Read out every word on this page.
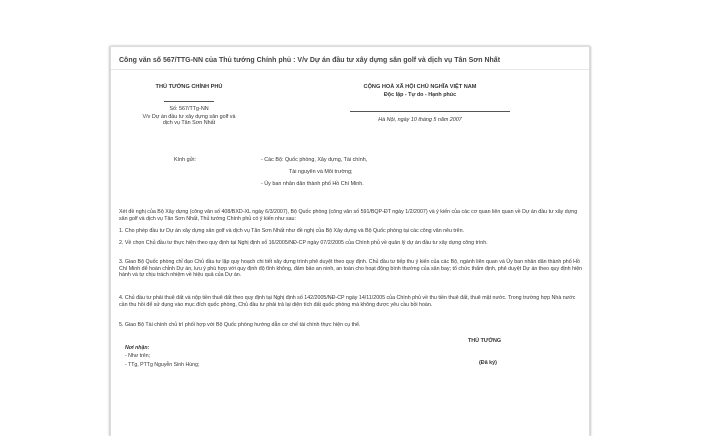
Công văn số 567/TTG-NN của Thủ tướng Chính phủ : V/v Dự án đầu tư xây dựng sân golf và dịch vụ Tân Sơn Nhất
THỦ TƯỚNG CHÍNH PHỦ
Số: 567/TTg-NN
V/v Dự án đầu tư xây dựng sân golf và
dịch vụ Tân Sơn Nhất
CỘNG HOÀ XÃ HỘI CHỦ NGHĨA VIỆT NAM
Độc lập - Tự do - Hạnh phúc
Hà Nội, ngày 10 tháng 5 năm 2007
Kính gửi:	- Các Bộ: Quốc phòng, Xây dựng, Tài chính,
Tài nguyên và Môi trường;
- Ủy ban nhân dân thành phố Hồ Chí Minh.
Xét đề nghị của Bộ Xây dựng (công văn số 408/BXD-XL ngày 6/3/2007), Bộ Quốc phòng (công văn số 591/BQP-ĐT ngày 1/2/2007) và ý kiến của các cơ quan liên quan về Dự án đầu tư xây dựng sân golf và dịch vụ Tân Sơn Nhất, Thủ tướng Chính phủ có ý kiến như sau:
1. Cho phép đầu tư Dự án xây dựng sân golf và dịch vụ Tân Sơn Nhất như đề nghị của Bộ Xây dựng và Bộ Quốc phòng tại các công văn nêu trên.
2. Về chọn Chủ đầu tư thực hiện theo quy định tại Nghị định số 16/2005/NĐ-CP ngày 07/2/2005 của Chính phủ về quản lý dự án đầu tư xây dựng công trình.
3. Giao Bộ Quốc phòng chỉ đạo Chủ đầu tư lập quy hoạch chi tiết xây dựng trình phê duyệt theo quy định. Chủ đầu tư tiếp thu ý kiến của các Bộ, ngành liên quan và Ủy ban nhân dân thành phố Hồ Chí Minh để hoàn chỉnh Dự án, lưu ý phù hợp với quy định độ tĩnh không, đảm bảo an ninh, an toàn cho hoạt động bình thường của sân bay; tổ chức thẩm định, phê duyệt Dự án theo quy định hiện hành và tự chịu trách nhiệm về hiệu quả của Dự án.
4. Chủ đầu tư phải thuê đất và nộp tiền thuê đất theo quy định tại Nghị định số 142/2005/NĐ-CP ngày 14/11/2005 của Chính phủ về thu tiền thuê đất, thuê mặt nước. Trong trường hợp Nhà nước cần thu hồi để sử dụng vào mục đích quốc phòng, Chủ đầu tư phải trả lại diện tích đất quốc phòng mà không được yêu cầu bồi hoàn.
5. Giao Bộ Tài chính chủ trì phối hợp với Bộ Quốc phòng hướng dẫn cơ chế tài chính thực hiện cụ thể.
THỦ TƯỚNG
Nơi nhận:
- Như trên;
- TTg, PTTg Nguyễn Sinh Hùng;	(Đã ký)
